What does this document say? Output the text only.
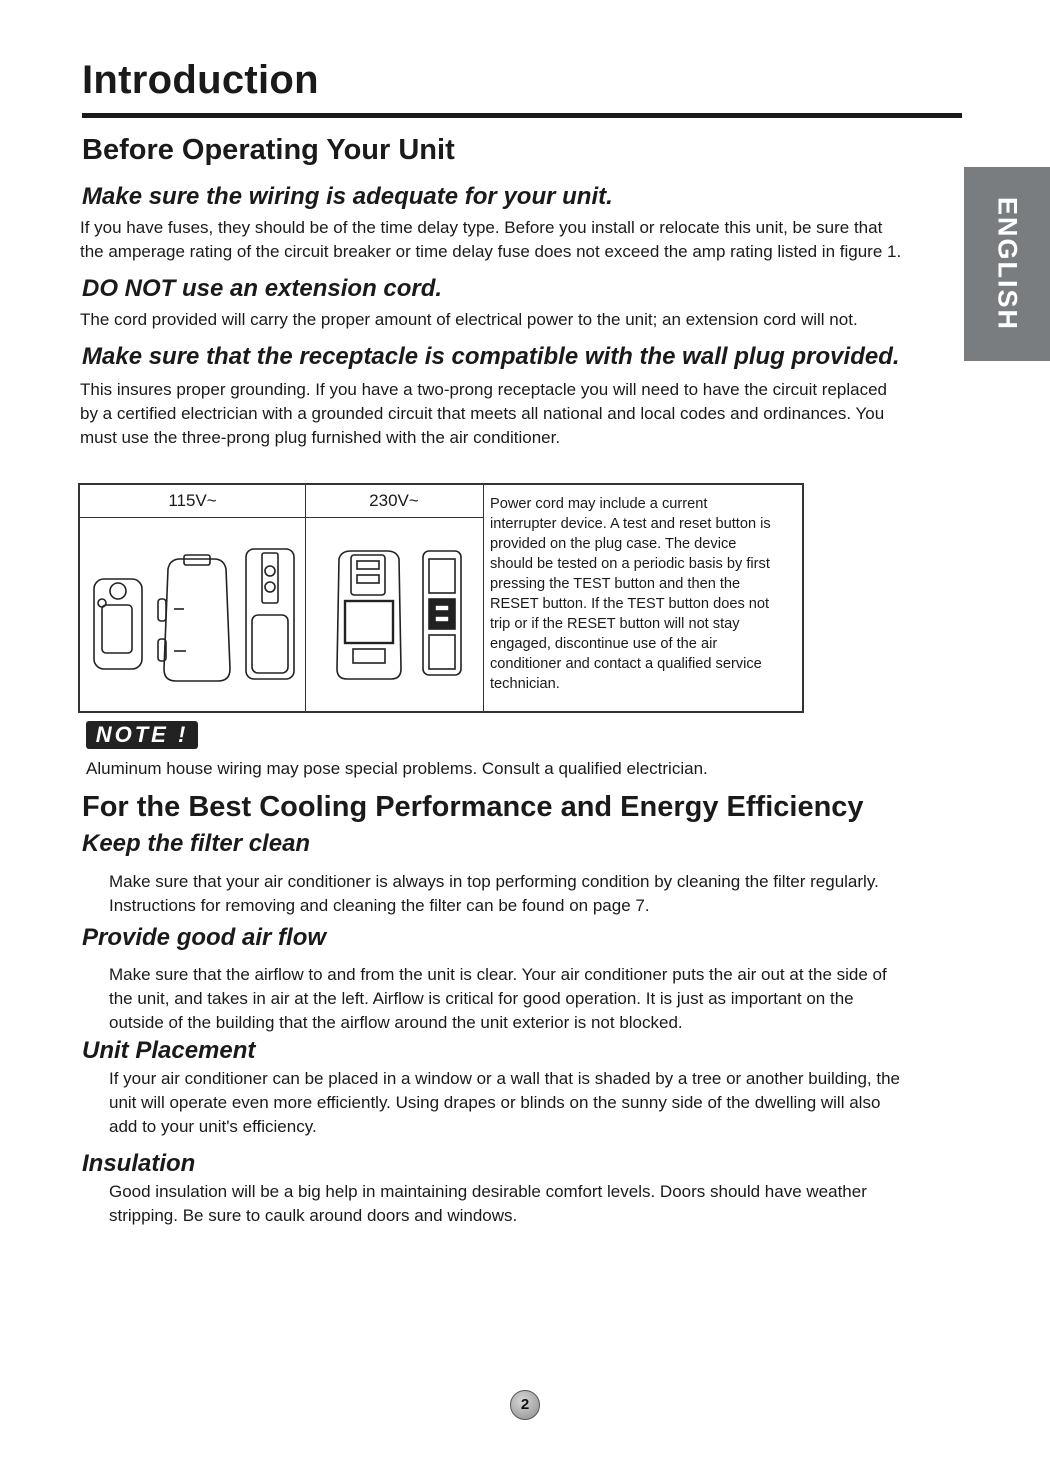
Introduction
ENGLISH
Before Operating Your Unit
Make sure the wiring is adequate for your unit.
If you have fuses, they should be of the time delay type. Before you install or relocate this unit, be sure that
the amperage rating of the circuit breaker or time delay fuse does not exceed the amp rating listed in figure 1.
DO NOT use an extension cord.
The cord provided will carry the proper amount of electrical power to the unit; an extension cord will not.
Make sure that the receptacle is compatible with the wall plug provided.
This insures proper grounding. If you have a two-prong receptacle you will need to have the circuit replaced
by a certified electrician with a grounded circuit that meets all national and local codes and ordinances. You
must use the three-prong plug furnished with the air conditioner.
115V~	230V~	Power cord may include a current
interrupter device. A test and reset button is
provided on the plug case. The device
should be tested on a periodic basis by first
pressing the TEST button and then the
RESET button. If the TEST button does not
trip or if the RESET button will not stay
engaged, discontinue use of the air
conditioner and contact a qualified service
technician.
NOTE !
Aluminum house wiring may pose special problems. Consult a qualified electrician.
For the Best Cooling Performance and Energy Efficiency
Keep the filter clean
Make sure that your air conditioner is always in top performing condition by cleaning the filter regularly.
Instructions for removing and cleaning the filter can be found on page 7.
Provide good air flow
Make sure that the airflow to and from the unit is clear. Your air conditioner puts the air out at the side of
the unit, and takes in air at the left. Airflow is critical for good operation. It is just as important on the
outside of the building that the airflow around the unit exterior is not blocked.
Unit Placement
If your air conditioner can be placed in a window or a wall that is shaded by a tree or another building, the
unit will operate even more efficiently. Using drapes or blinds on the sunny side of the dwelling will also
add to your unit's efficiency.
Insulation
Good insulation will be a big help in maintaining desirable comfort levels. Doors should have weather
stripping. Be sure to caulk around doors and windows.
2
